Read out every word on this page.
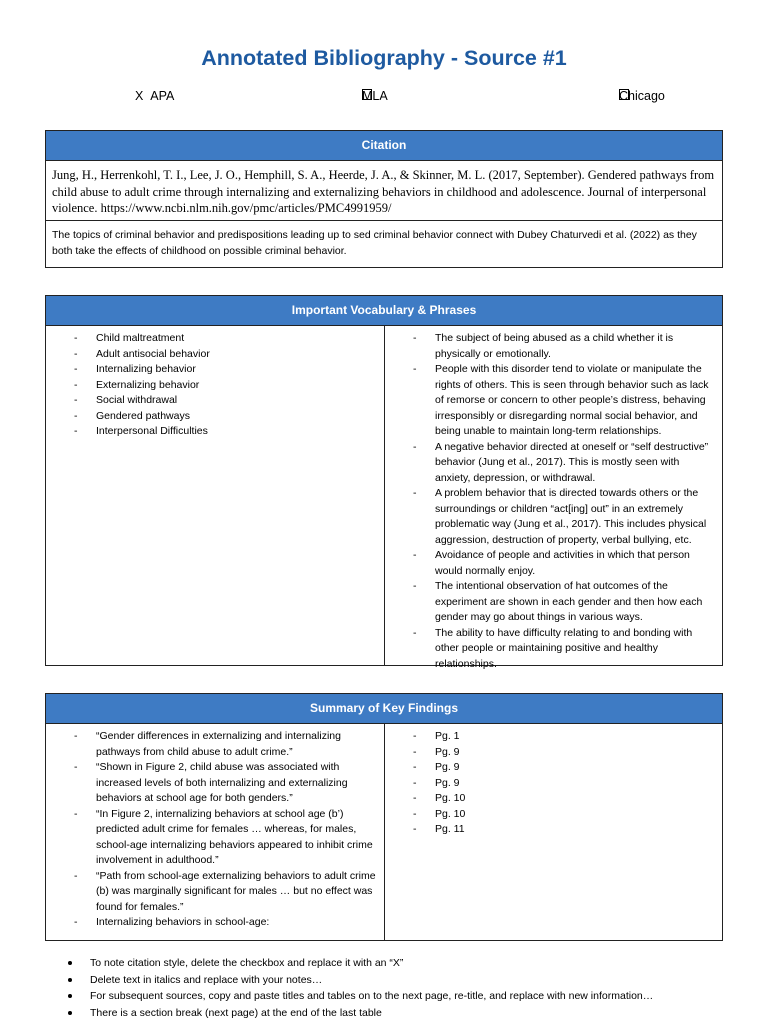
Annotated Bibliography - Source #1
X APA	MLA	Chicago
Citation
Jung, H., Herrenkohl, T. I., Lee, J. O., Hemphill, S. A., Heerde, J. A., & Skinner, M. L. (2017, September). Gendered pathways from child abuse to adult crime through internalizing and externalizing behaviors in childhood and adolescence. Journal of interpersonal violence. https://www.ncbi.nlm.nih.gov/pmc/articles/PMC4991959/
The topics of criminal behavior and predispositions leading up to sed criminal behavior connect with Dubey Chaturvedi et al. (2022) as they both take the effects of childhood on possible criminal behavior.
Important Vocabulary & Phrases
- Child maltreatment
- Adult antisocial behavior
- Internalizing behavior
- Externalizing behavior
- Social withdrawal
- Gendered pathways
- Interpersonal Difficulties
- The subject of being abused as a child whether it is physically or emotionally.
- People with this disorder tend to violate or manipulate the rights of others. This is seen through behavior such as lack of remorse or concern to other people’s distress, behaving irresponsibly or disregarding normal social behavior, and being unable to maintain long-term relationships.
- A negative behavior directed at oneself or “self destructive” behavior (Jung et al., 2017). This is mostly seen with anxiety, depression, or withdrawal.
- A problem behavior that is directed towards others or the surroundings or children “act[ing] out” in an extremely problematic way (Jung et al., 2017). This includes physical aggression, destruction of property, verbal bullying, etc.
- Avoidance of people and activities in which that person would normally enjoy.
- The intentional observation of hat outcomes of the experiment are shown in each gender and then how each gender may go about things in various ways.
- The ability to have difficulty relating to and bonding with other people or maintaining positive and healthy relationships.
Summary of Key Findings
- “Gender differences in externalizing and internalizing pathways from child abuse to adult crime.”
- “Shown in Figure 2, child abuse was associated with increased levels of both internalizing and externalizing behaviors at school age for both genders.”
- “In Figure 2, internalizing behaviors at school age (b’) predicted adult crime for females … whereas, for males, school-age internalizing behaviors appeared to inhibit crime involvement in adulthood.”
- “Path from school-age externalizing behaviors to adult crime (b) was marginally significant for males … but no effect was found for females.”
- Internalizing behaviors in school-age:
- Pg. 1
- Pg. 9
- Pg. 9
- Pg. 9
- Pg. 10
- Pg. 10
- Pg. 11
To note citation style, delete the checkbox and replace it with an “X”
Delete text in italics and replace with your notes…
For subsequent sources, copy and paste titles and tables on to the next page, re-title, and replace with new information…
There is a section break (next page) at the end of the last table
